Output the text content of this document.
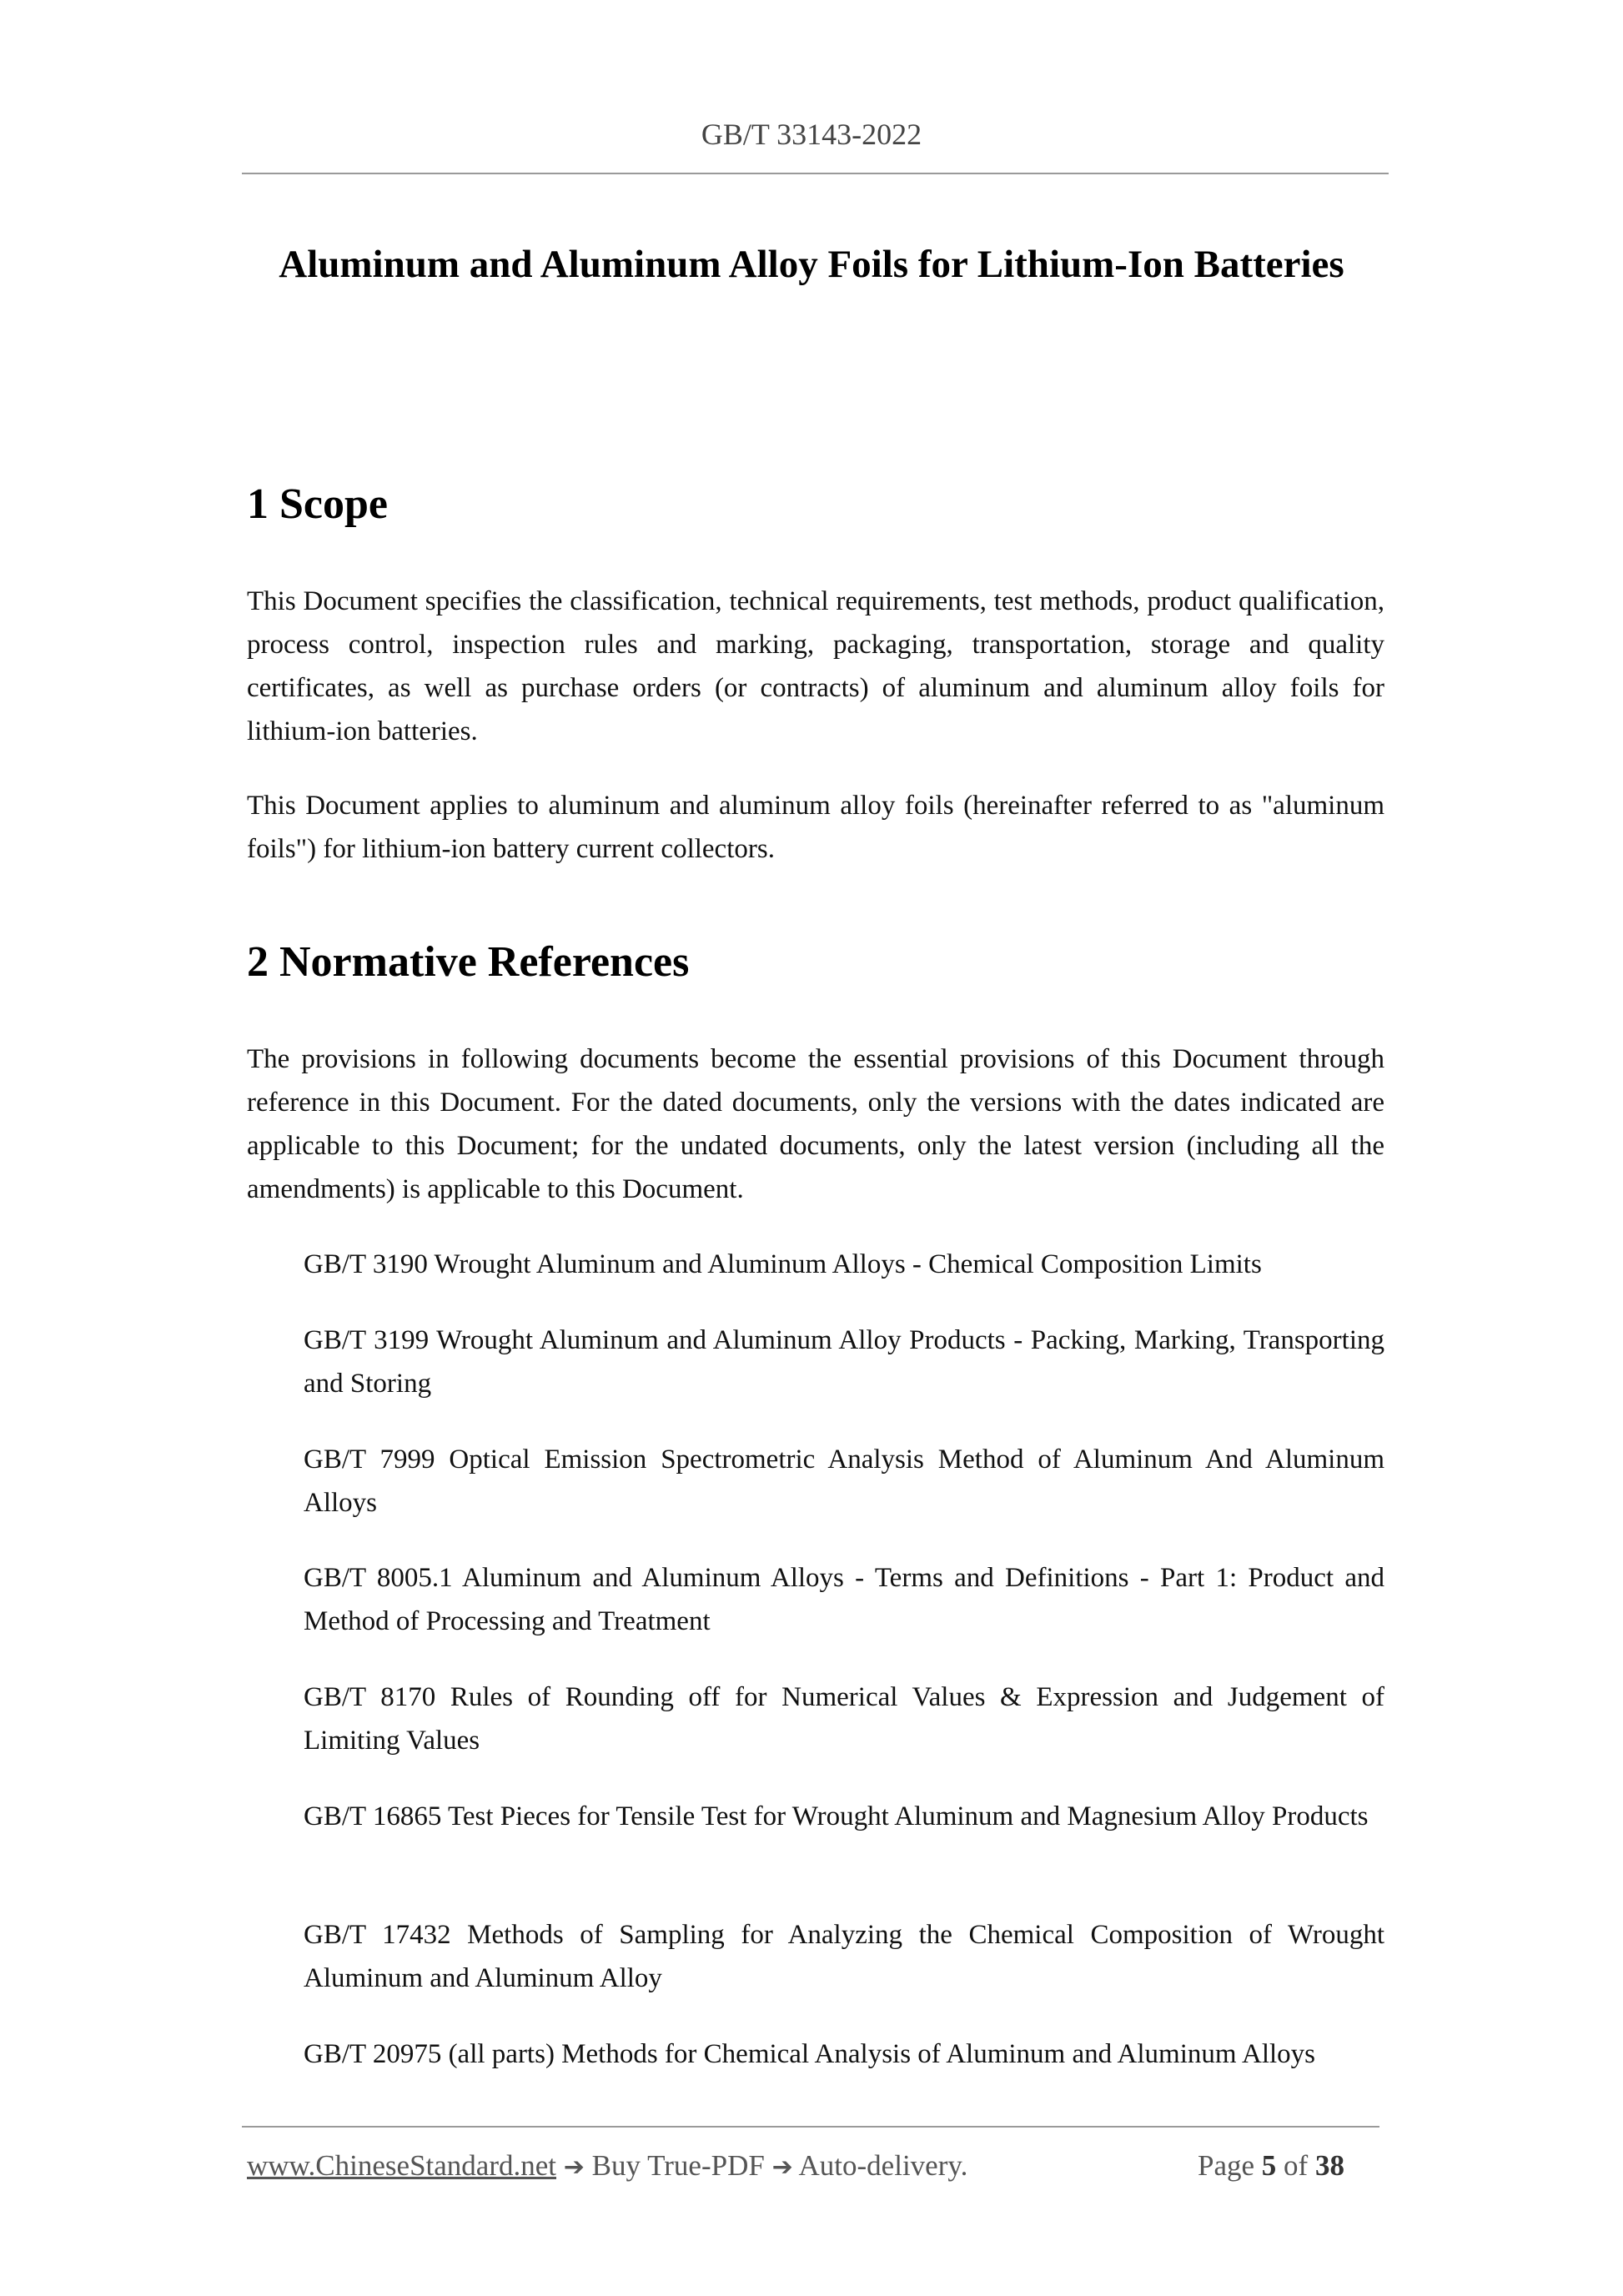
GB/T 33143-2022
Aluminum and Aluminum Alloy Foils for Lithium-Ion Batteries
1 Scope

This Document specifies the classification, technical requirements, test methods, product qualification, process control, inspection rules and marking, packaging, transportation, storage and quality certificates, as well as purchase orders (or contracts) of aluminum and aluminum alloy foils for lithium-ion batteries.

This Document applies to aluminum and aluminum alloy foils (hereinafter referred to as "aluminum foils") for lithium-ion battery current collectors.

2 Normative References

The provisions in following documents become the essential provisions of this Document through reference in this Document. For the dated documents, only the versions with the dates indicated are applicable to this Document; for the undated documents, only the latest version (including all the amendments) is applicable to this Document.

GB/T 3190 Wrought Aluminum and Aluminum Alloys - Chemical Composition Limits

GB/T 3199 Wrought Aluminum and Aluminum Alloy Products - Packing, Marking, Transporting and Storing

GB/T 7999 Optical Emission Spectrometric Analysis Method of Aluminum And Aluminum Alloys

GB/T 8005.1 Aluminum and Aluminum Alloys - Terms and Definitions - Part 1: Product and Method of Processing and Treatment

GB/T 8170 Rules of Rounding off for Numerical Values & Expression and Judgement of Limiting Values

GB/T 16865 Test Pieces for Tensile Test for Wrought Aluminum and Magnesium Alloy Products

GB/T 17432 Methods of Sampling for Analyzing the Chemical Composition of Wrought Aluminum and Aluminum Alloy

GB/T 20975 (all parts) Methods for Chemical Analysis of Aluminum and Aluminum Alloys

www.ChineseStandard.net ➔ Buy True-PDF ➔ Auto-delivery.	Page 5 of 38
